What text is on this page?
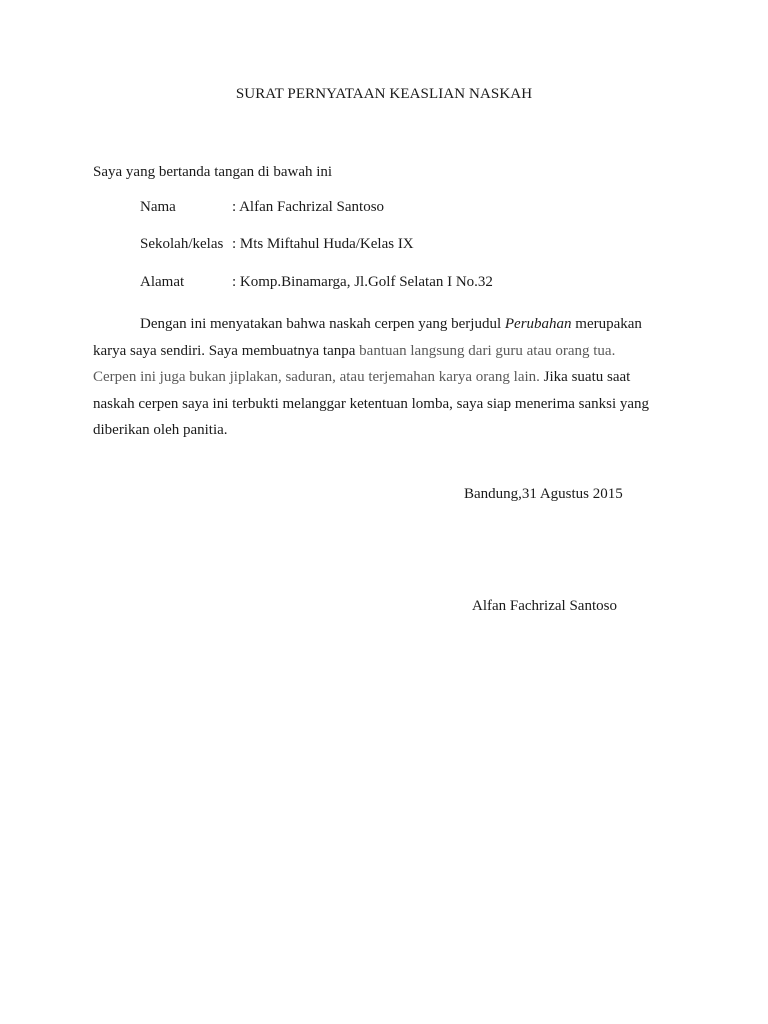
SURAT PERNYATAAN KEASLIAN NASKAH
Saya yang bertanda tangan di bawah ini
Nama	: Alfan Fachrizal Santoso
Sekolah/kelas : Mts Miftahul Huda/Kelas IX
Alamat	: Komp.Binamarga, Jl.Golf Selatan I No.32
Dengan ini menyatakan bahwa naskah cerpen yang berjudul Perubahan merupakan
karya saya sendiri. Saya membuatnya tanpa bantuan langsung dari guru atau orang tua.
Cerpen ini juga bukan jiplakan, saduran, atau terjemahan karya orang lain. Jika suatu saat
naskah cerpen saya ini terbukti melanggar ketentuan lomba, saya siap menerima sanksi yang
diberikan oleh panitia.
Bandung,31 Agustus 2015
Alfan Fachrizal Santoso
